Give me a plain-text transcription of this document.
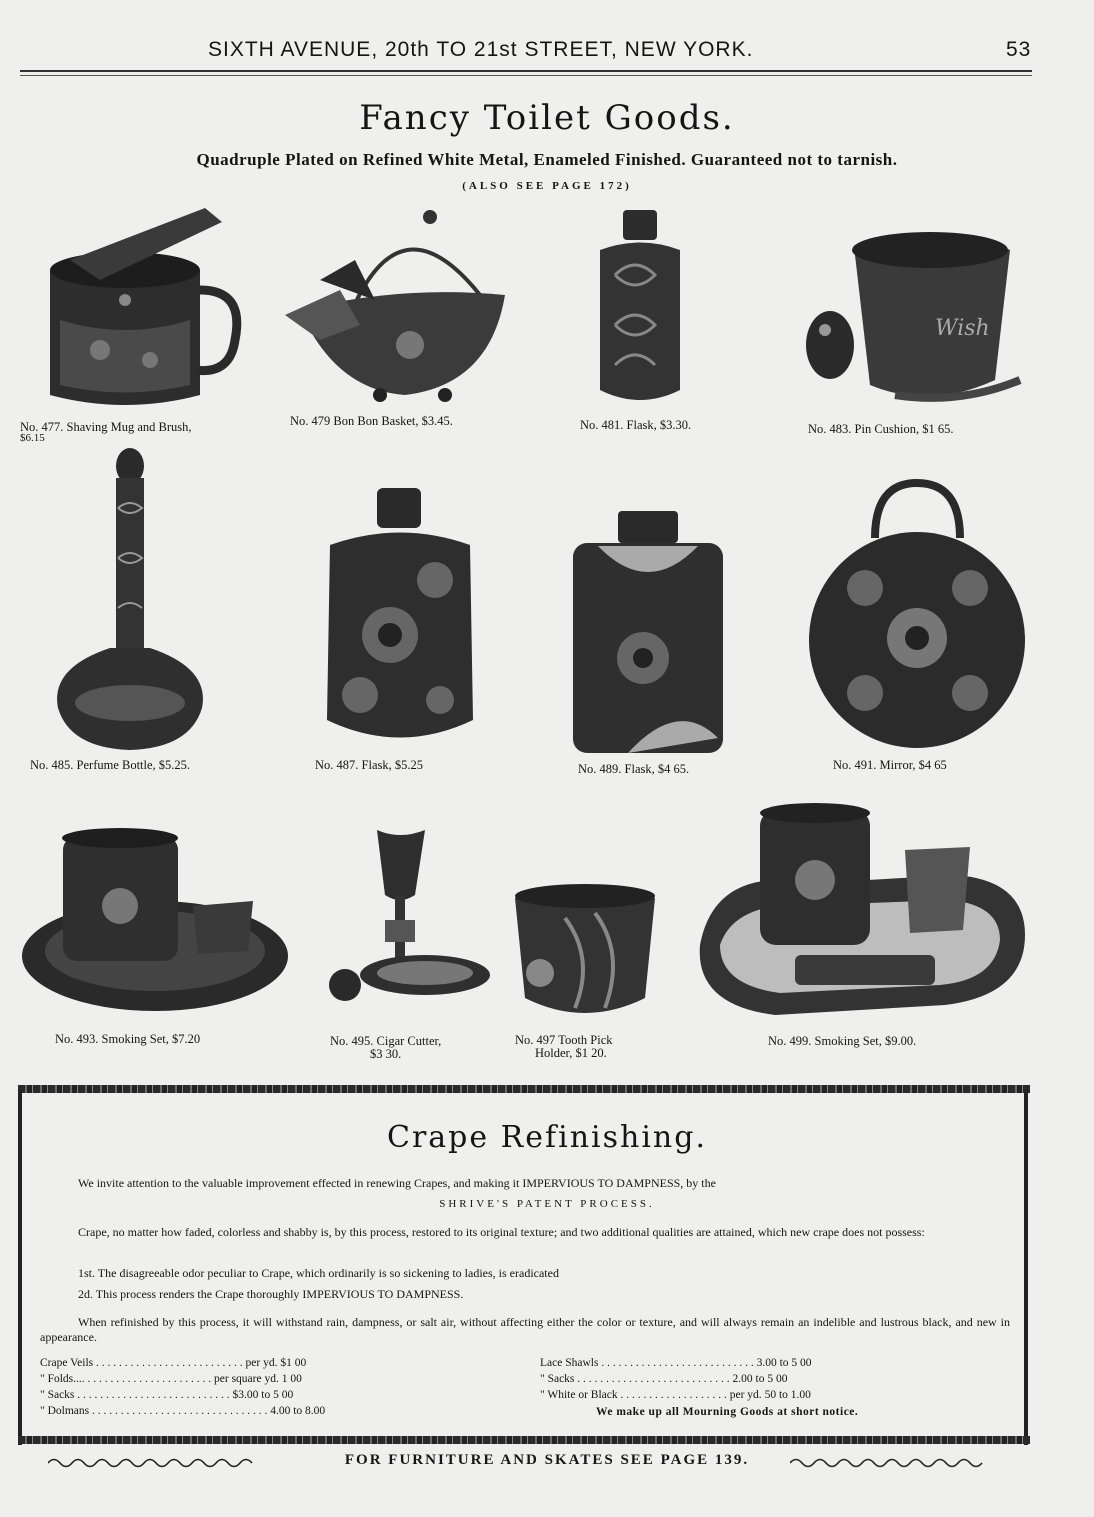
SIXTH AVENUE, 20th TO 21st STREET, NEW YORK.	53
Fancy Toilet Goods.
Quadruple Plated on Refined White Metal, Enameled Finished. Guaranteed not to tarnish.
(ALSO SEE PAGE 172)
No. 477. Shaving Mug and Brush,
$6.15
No. 479 Bon Bon Basket, $3.45.	No. 481. Flask, $3.30.
Wish
No. 483. Pin Cushion, $1 65.
No. 485. Perfume Bottle, $5.25.	No. 487. Flask, $5.25	No. 489. Flask, $4 65.	No. 491. Mirror, $4 65
No. 493. Smoking Set, $7.20	No. 495. Cigar Cutter,
$3 30.
No. 497 Tooth Pick
Holder, $1 20.
No. 499. Smoking Set, $9.00.
Crape Refinishing.
We invite attention to the valuable improvement effected in renewing Crapes, and making it IMPERVIOUS TO DAMPNESS, by the
SHRIVE'S PATENT PROCESS.
Crape, no matter how faded, colorless and shabby is, by this process, restored to its original texture; and two additional qualities are attained, which new crape does not possess:
1st. The disagreeable odor peculiar to Crape, which ordinarily is so sickening to ladies, is eradicated
2d. This process renders the Crape thoroughly IMPERVIOUS TO DAMPNESS.
When refinished by this process, it will withstand rain, dampness, or salt air, without affecting either the color or texture, and will always remain an indelible and lustrous black, and new in appearance.
Crape Veils . . . . . . . . . . . . . . . . . . . . . . . . . . per yd. $1 00
" Folds.... . . . . . . . . . . . . . . . . . . . . . . per square yd. 1 00
" Sacks . . . . . . . . . . . . . . . . . . . . . . . . . . . $3.00 to 5 00
" Dolmans . . . . . . . . . . . . . . . . . . . . . . . . . . . . . . . 4.00 to 8.00
Lace Shawls . . . . . . . . . . . . . . . . . . . . . . . . . . . 3.00 to 5 00
" Sacks . . . . . . . . . . . . . . . . . . . . . . . . . . . 2.00 to 5 00
" White or Black . . . . . . . . . . . . . . . . . . . per yd. 50 to 1.00
We make up all Mourning Goods at short notice.
FOR FURNITURE AND SKATES SEE PAGE 139.
